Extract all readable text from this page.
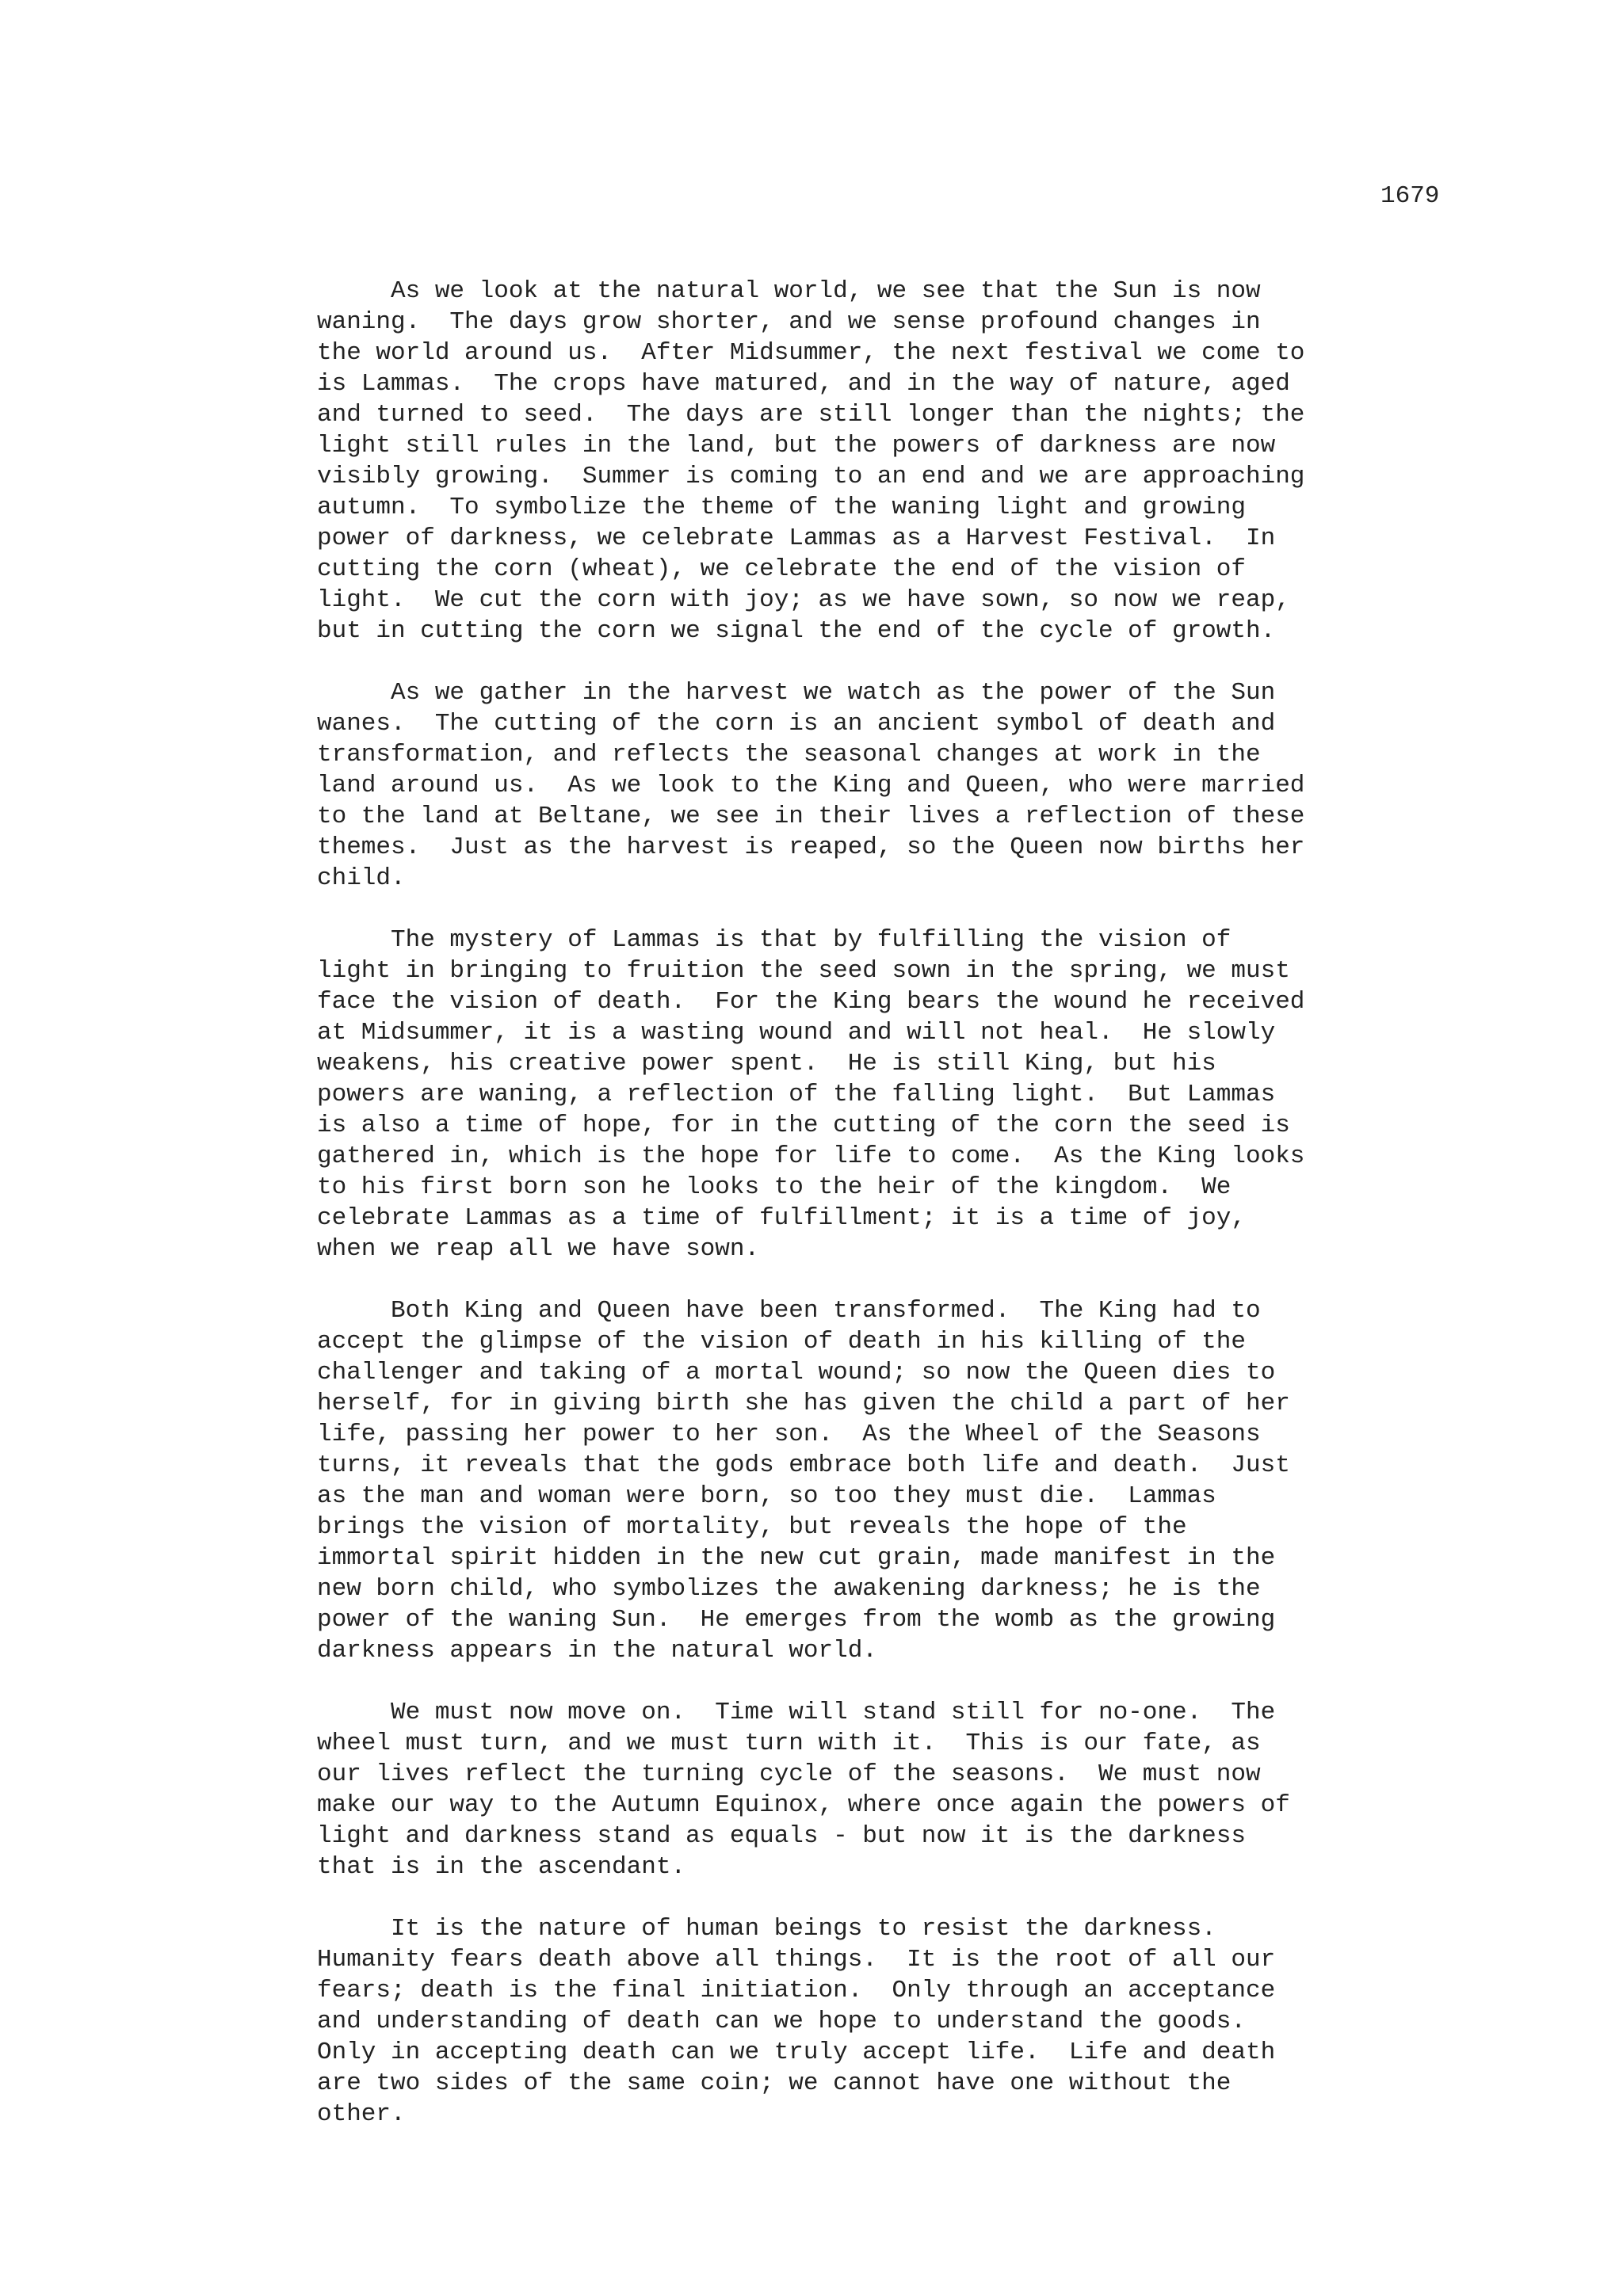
1679
As we look at the natural world, we see that the Sun is now
waning.  The days grow shorter, and we sense profound changes in
the world around us.  After Midsummer, the next festival we come to
is Lammas.  The crops have matured, and in the way of nature, aged
and turned to seed.  The days are still longer than the nights; the
light still rules in the land, but the powers of darkness are now
visibly growing.  Summer is coming to an end and we are approaching
autumn.  To symbolize the theme of the waning light and growing
power of darkness, we celebrate Lammas as a Harvest Festival.  In
cutting the corn (wheat), we celebrate the end of the vision of
light.  We cut the corn with joy; as we have sown, so now we reap,
but in cutting the corn we signal the end of the cycle of growth.
As we gather in the harvest we watch as the power of the Sun
wanes.  The cutting of the corn is an ancient symbol of death and
transformation, and reflects the seasonal changes at work in the
land around us.  As we look to the King and Queen, who were married
to the land at Beltane, we see in their lives a reflection of these
themes.  Just as the harvest is reaped, so the Queen now births her
child.
The mystery of Lammas is that by fulfilling the vision of
light in bringing to fruition the seed sown in the spring, we must
face the vision of death.  For the King bears the wound he received
at Midsummer, it is a wasting wound and will not heal.  He slowly
weakens, his creative power spent.  He is still King, but his
powers are waning, a reflection of the falling light.  But Lammas
is also a time of hope, for in the cutting of the corn the seed is
gathered in, which is the hope for life to come.  As the King looks
to his first born son he looks to the heir of the kingdom.  We
celebrate Lammas as a time of fulfillment; it is a time of joy,
when we reap all we have sown.
Both King and Queen have been transformed.  The King had to
accept the glimpse of the vision of death in his killing of the
challenger and taking of a mortal wound; so now the Queen dies to
herself, for in giving birth she has given the child a part of her
life, passing her power to her son.  As the Wheel of the Seasons
turns, it reveals that the gods embrace both life and death.  Just
as the man and woman were born, so too they must die.  Lammas
brings the vision of mortality, but reveals the hope of the
immortal spirit hidden in the new cut grain, made manifest in the
new born child, who symbolizes the awakening darkness; he is the
power of the waning Sun.  He emerges from the womb as the growing
darkness appears in the natural world.
We must now move on.  Time will stand still for no-one.  The
wheel must turn, and we must turn with it.  This is our fate, as
our lives reflect the turning cycle of the seasons.  We must now
make our way to the Autumn Equinox, where once again the powers of
light and darkness stand as equals - but now it is the darkness
that is in the ascendant.
It is the nature of human beings to resist the darkness.
Humanity fears death above all things.  It is the root of all our
fears; death is the final initiation.  Only through an acceptance
and understanding of death can we hope to understand the goods.
Only in accepting death can we truly accept life.  Life and death
are two sides of the same coin; we cannot have one without the
other.
